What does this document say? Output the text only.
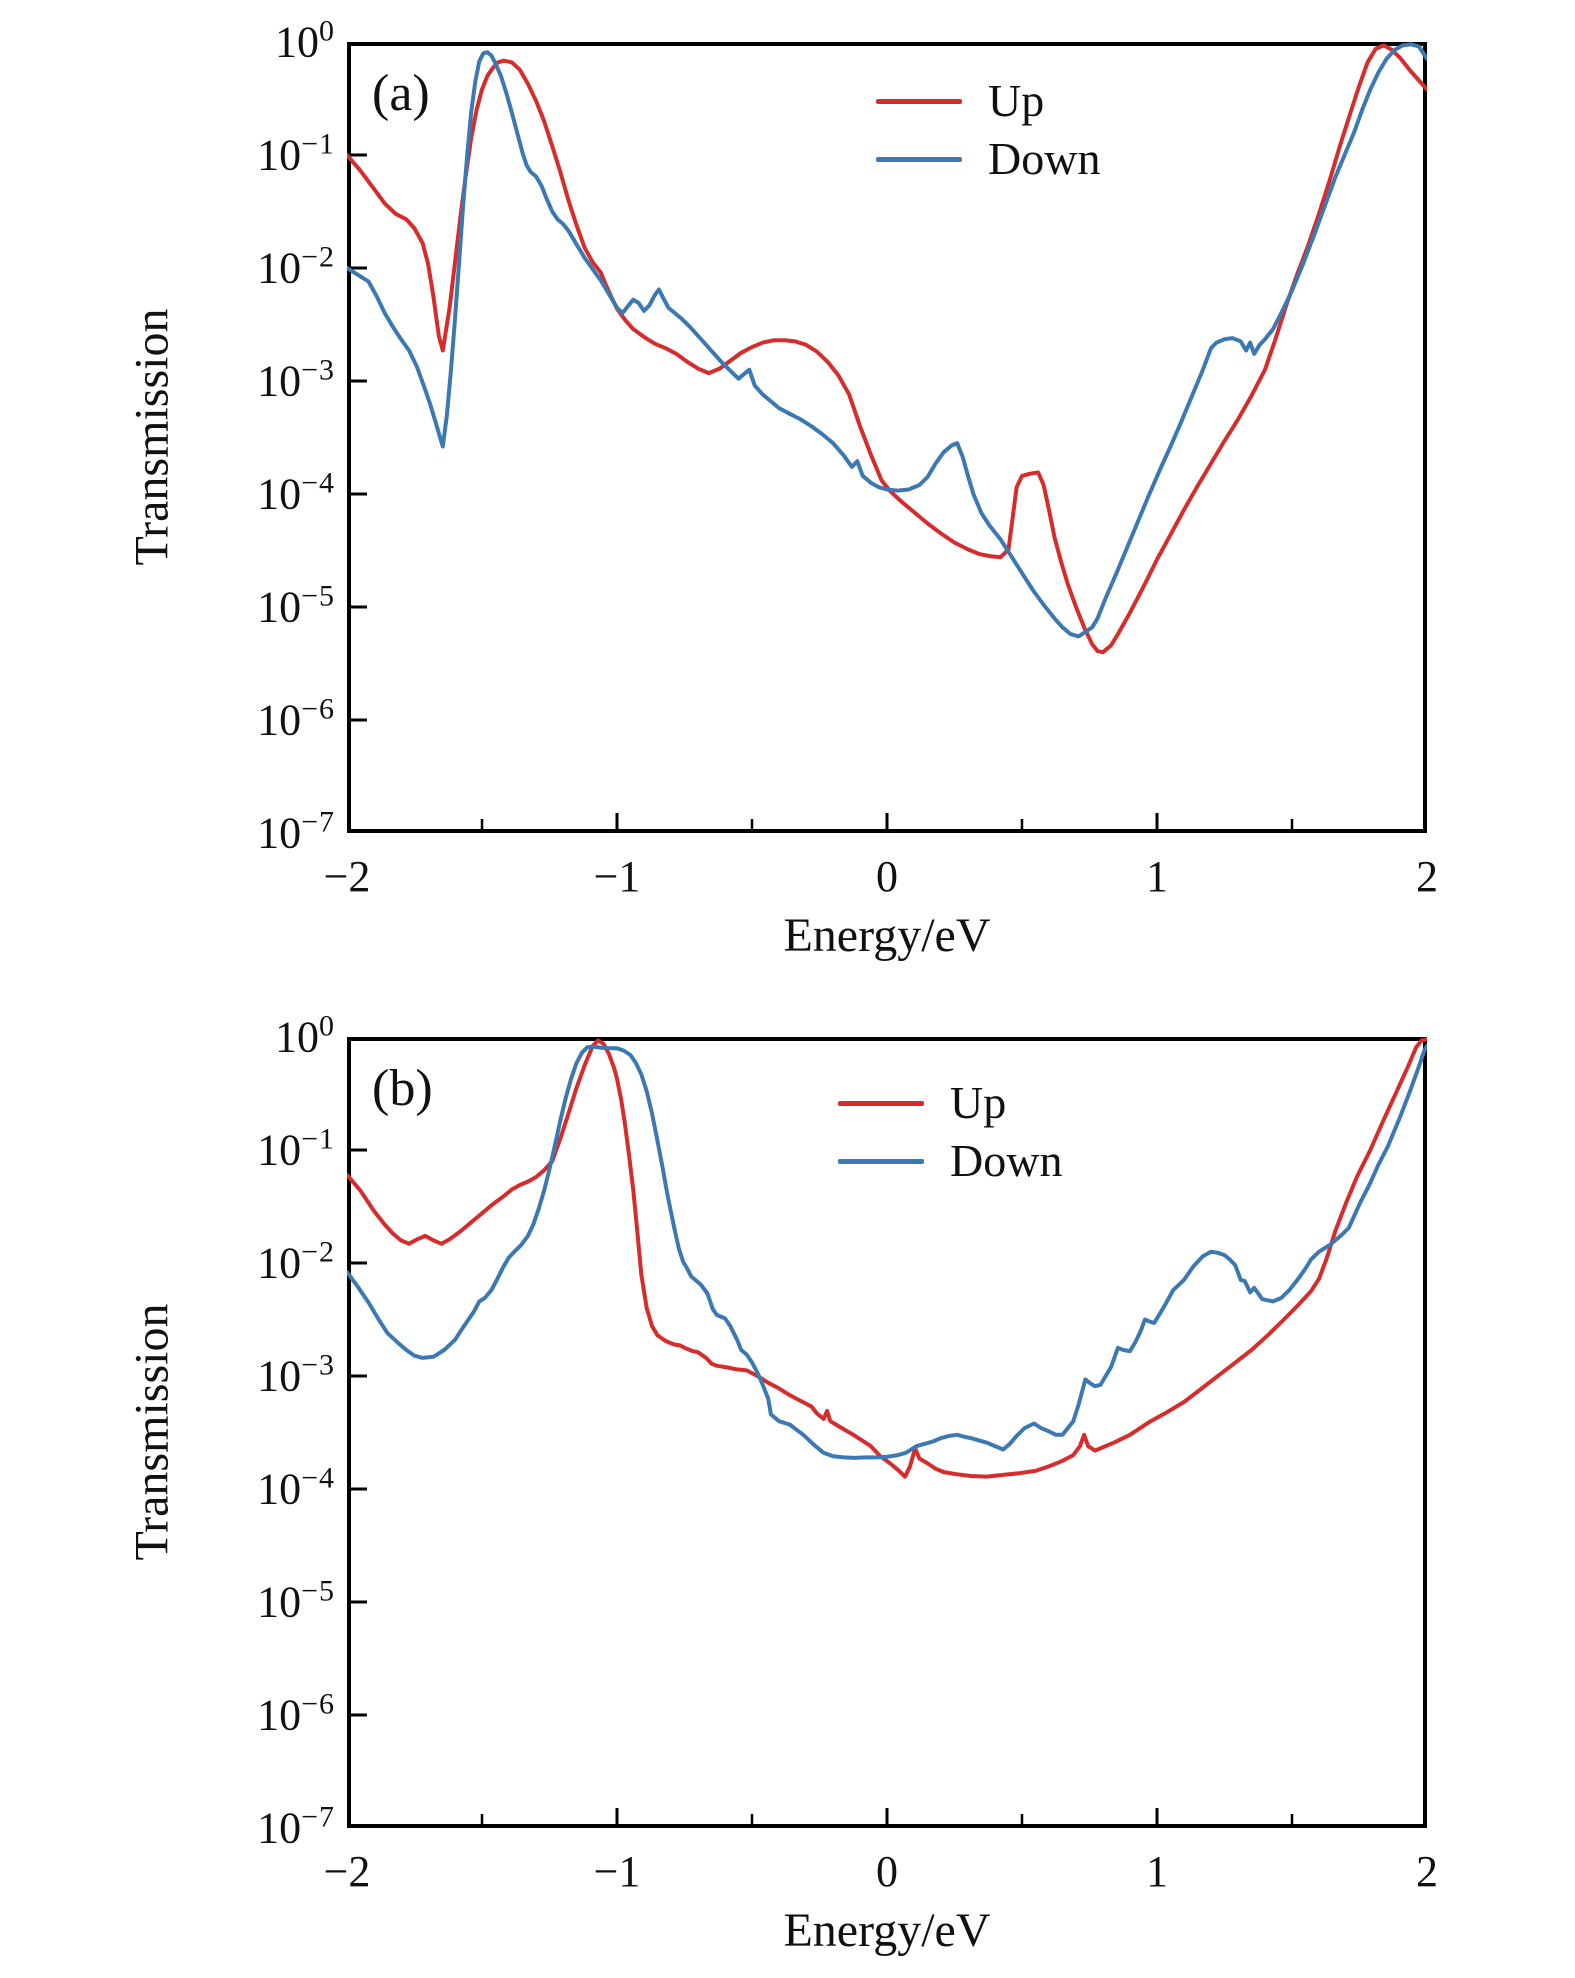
(a)
Transmission
Energy/eV
$10^0$
$10^{-1}$
$10^{-2}$
$10^{-3}$
$10^{-4}$
$10^{-5}$
$10^{-6}$
$10^{-7}$
−2	−1	0	1	2
Up
Down
(b)
Transmission
Energy/eV
$10^0$
$10^{-1}$
$10^{-2}$
$10^{-3}$
$10^{-4}$
$10^{-5}$
$10^{-6}$
$10^{-7}$
−2	−1	0	1	2
Up
Down
